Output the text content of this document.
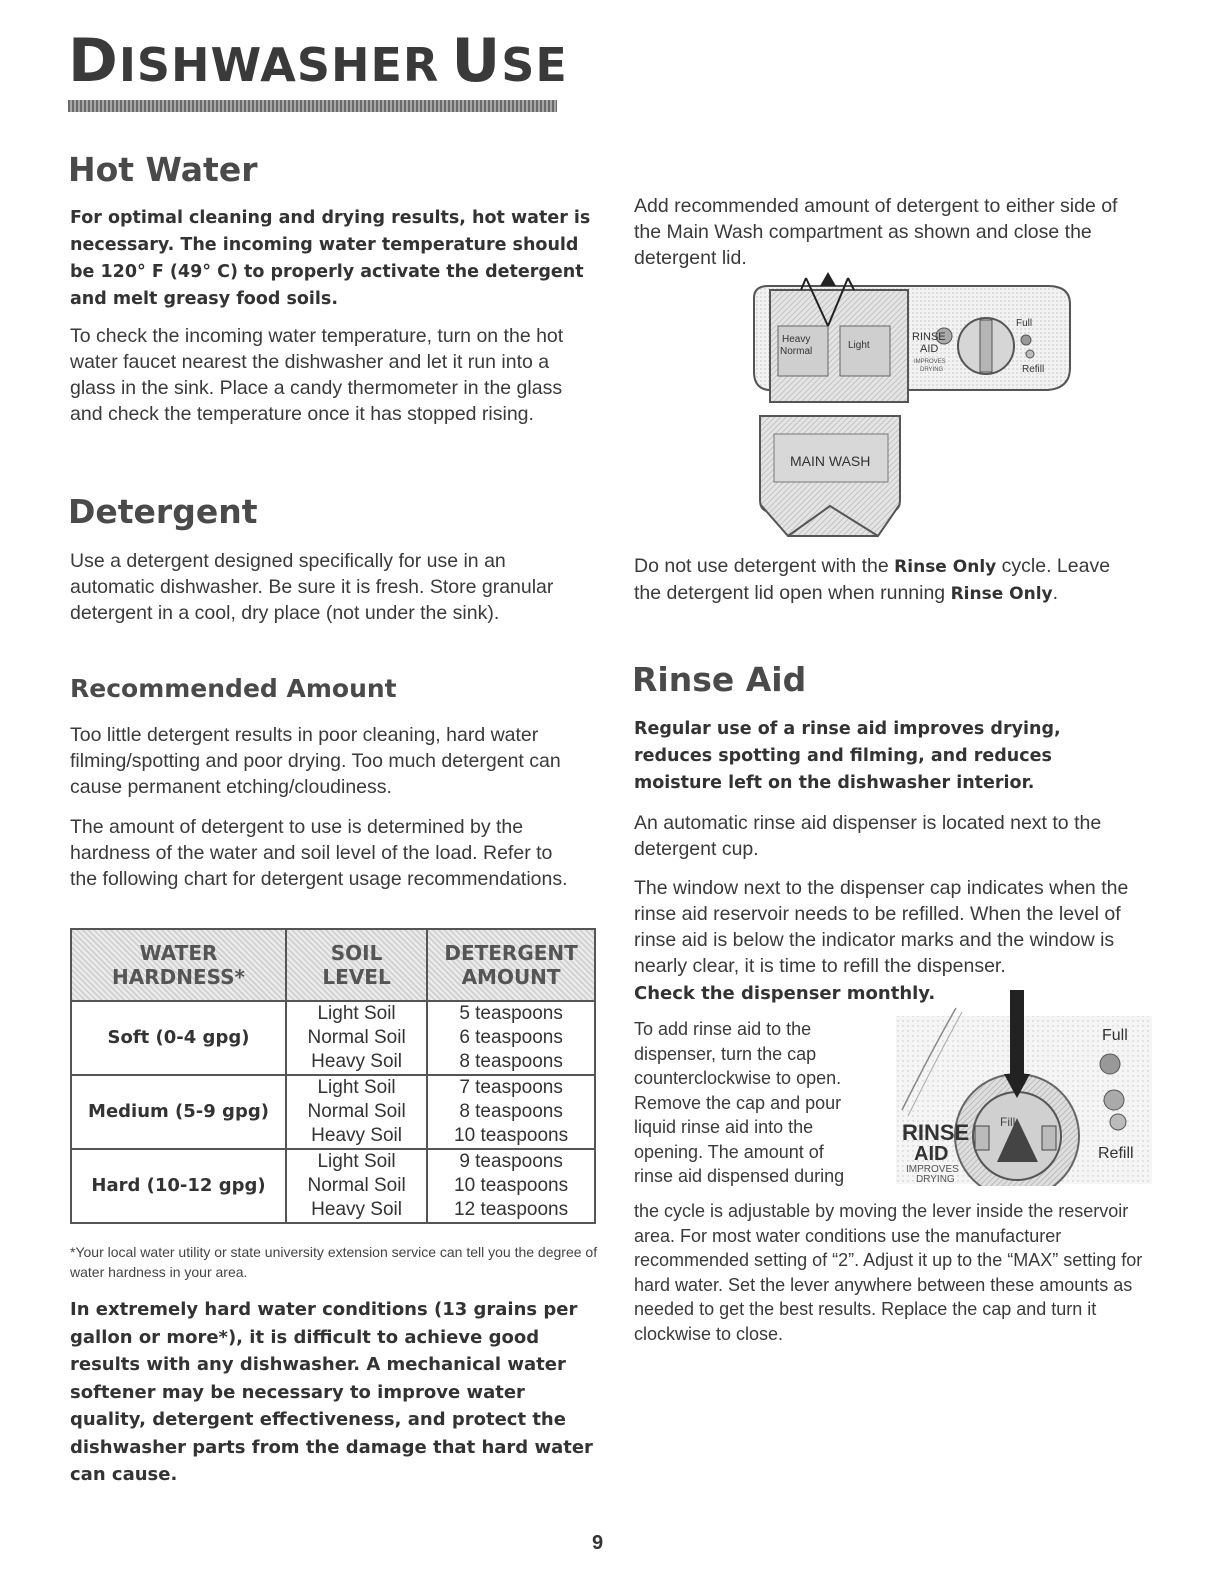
DISHWASHER USE
Hot Water

For optimal cleaning and drying results, hot water is necessary. The incoming water temperature should be 120° F (49° C) to properly activate the detergent and melt greasy food soils.

To check the incoming water temperature, turn on the hot water faucet nearest the dishwasher and let it run into a glass in the sink. Place a candy thermometer in the glass and check the temperature once it has stopped rising.

Detergent

Use a detergent designed specifically for use in an automatic dishwasher. Be sure it is fresh. Store granular detergent in a cool, dry place (not under the sink).

Recommended Amount

Too little detergent results in poor cleaning, hard water filming/spotting and poor drying. Too much detergent can cause permanent etching/cloudiness.

The amount of detergent to use is determined by the hardness of the water and soil level of the load. Refer to the following chart for detergent usage recommendations.

WATER HARDNESS*	SOIL LEVEL	DETERGENT AMOUNT
Soft (0-4 gpg)	Light Soil	5 teaspoons
	Normal Soil	6 teaspoons
	Heavy Soil	8 teaspoons
Medium (5-9 gpg)	Light Soil	7 teaspoons
	Normal Soil	8 teaspoons
	Heavy Soil	10 teaspoons
Hard (10-12 gpg)	Light Soil	9 teaspoons
	Normal Soil	10 teaspoons
	Heavy Soil	12 teaspoons

*Your local water utility or state university extension service can tell you the degree of water hardness in your area.

In extremely hard water conditions (13 grains per gallon or more*), it is difficult to achieve good results with any dishwasher. A mechanical water softener may be necessary to improve water quality, detergent effectiveness, and protect the dishwasher parts from the damage that hard water can cause.

Add recommended amount of detergent to either side of the Main Wash compartment as shown and close the detergent lid.

Heavy
Normal
Light
RINSE
AID
IMPROVES
DRYING
Full
Refill
MAIN WASH

Do not use detergent with the Rinse Only cycle. Leave the detergent lid open when running Rinse Only.

Rinse Aid

Regular use of a rinse aid improves drying, reduces spotting and filming, and reduces moisture left on the dishwasher interior.

An automatic rinse aid dispenser is located next to the detergent cup.

The window next to the dispenser cap indicates when the rinse aid reservoir needs to be refilled. When the level of rinse aid is below the indicator marks and the window is nearly clear, it is time to refill the dispenser.

Check the dispenser monthly.

To add rinse aid to the

dispenser, turn the cap

counterclockwise to open.

Remove the cap and pour

liquid rinse aid into the

opening. The amount of

rinse aid dispensed during

the cycle is adjustable by moving the lever inside the reservoir area. For most water conditions use the manufacturer recommended setting of “2”. Adjust it up to the “MAX” setting for hard water. Set the lever anywhere between these amounts as needed to get the best results. Replace the cap and turn it clockwise to close.

Fill
RINSE
AID
IMPROVES
DRYING
Full
Refill
9
